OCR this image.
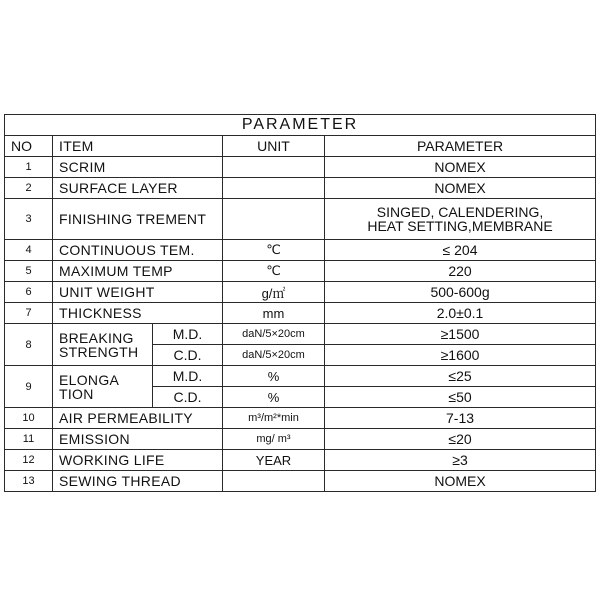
PARAMETER				
NO	ITEM		UNIT	PARAMETER
1	SCRIM			NOMEX
2	SURFACE LAYER			NOMEX
3	FINISHING TREMENT			SINGED, CALENDERING,
HEAT SETTING,MEMBRANE

4	CONTINUOUS TEM.		℃	≤ 204
5	MAXIMUM TEMP		℃	220
6	UNIT WEIGHT		g/㎡	500-600g
7	THICKNESS		mm	2.0±0.1
8	BREAKING
STRENGTH	M.D.	daN/5×20cm	≥1500
		C.D.	daN/5×20cm	≥1600
9	ELONGA
TION	M.D.	%	≤25
		C.D.	%	≤50
10	AIR PERMEABILITY		m³/m²*min	7-13
11	EMISSION		mg/ m³	≤20
12	WORKING LIFE		YEAR	≥3
13	SEWING THREAD			NOMEX
